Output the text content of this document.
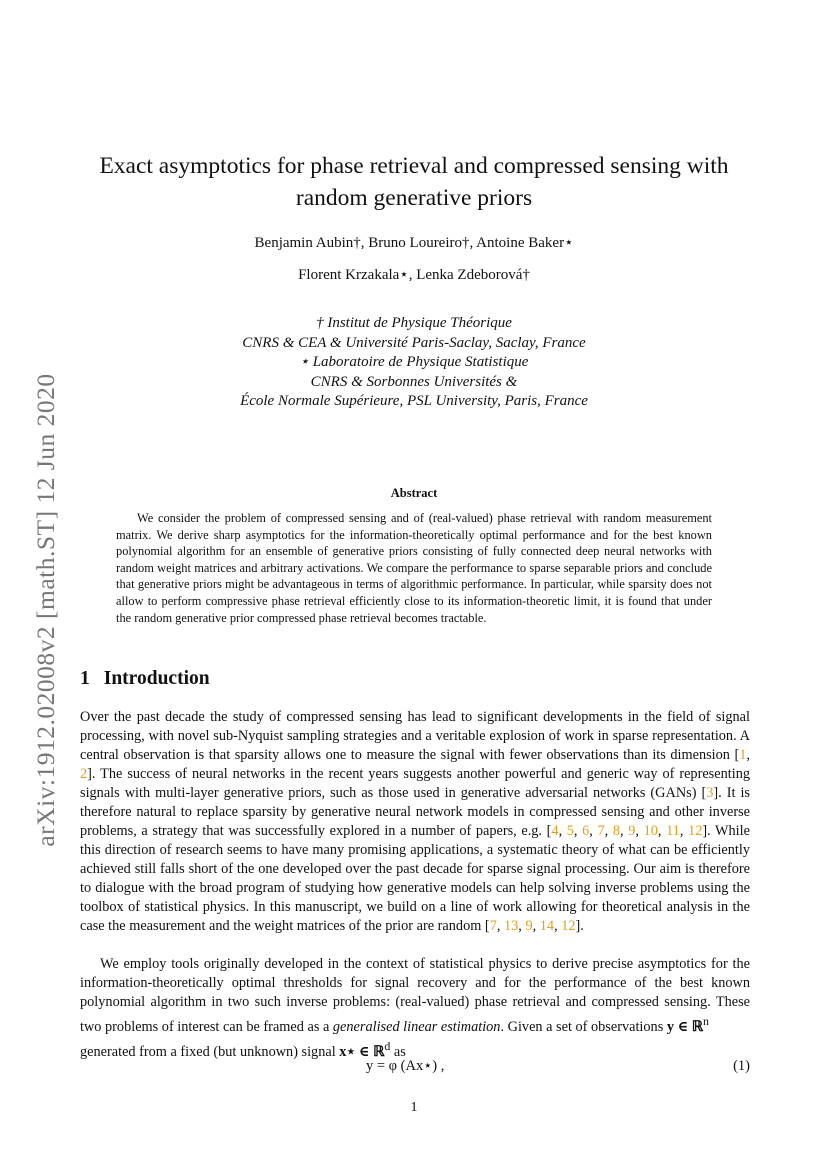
arXiv:1912.02008v2 [math.ST] 12 Jun 2020
Exact asymptotics for phase retrieval and compressed sensing with
random generative priors
Benjamin Aubin†, Bruno Loureiro†, Antoine Baker⋆
Florent Krzakala⋆, Lenka Zdeborová†
† Institut de Physique Théorique
CNRS & CEA & Université Paris-Saclay, Saclay, France
⋆ Laboratoire de Physique Statistique
CNRS & Sorbonnes Universités &
École Normale Supérieure, PSL University, Paris, France
Abstract

We consider the problem of compressed sensing and of (real-valued) phase retrieval with random measurement matrix. We derive sharp asymptotics for the information-theoretically optimal performance and for the best known polynomial algorithm for an ensemble of generative priors consisting of fully connected deep neural networks with random weight matrices and arbitrary activations. We compare the performance to sparse separable priors and conclude that generative priors might be advantageous in terms of algorithmic performance. In particular, while sparsity does not allow to perform compressive phase retrieval efficiently close to its information-theoretic limit, it is found that under the random generative prior compressed phase retrieval becomes tractable.

1 Introduction

Over the past decade the study of compressed sensing has lead to significant developments in the field of signal processing, with novel sub-Nyquist sampling strategies and a veritable explosion of work in sparse representation. A central observation is that sparsity allows one to measure the signal with fewer observations than its dimension [1, 2]. The success of neural networks in the recent years suggests another powerful and generic way of representing signals with multi-layer generative priors, such as those used in generative adversarial networks (GANs) [3]. It is therefore natural to replace sparsity by generative neural network models in compressed sensing and other inverse problems, a strategy that was successfully explored in a number of papers, e.g. [4, 5, 6, 7, 8, 9, 10, 11, 12]. While this direction of research seems to have many promising applications, a systematic theory of what can be efficiently achieved still falls short of the one developed over the past decade for sparse signal processing. Our aim is therefore to dialogue with the broad program of studying how generative models can help solving inverse problems using the toolbox of statistical physics. In this manuscript, we build on a line of work allowing for theoretical analysis in the case the measurement and the weight matrices of the prior are random [7, 13, 9, 14, 12].

We employ tools originally developed in the context of statistical physics to derive precise asymptotics for the information-theoretically optimal thresholds for signal recovery and for the performance of the best known polynomial algorithm in two such inverse problems: (real-valued) phase retrieval and compressed sensing. These two problems of interest can be framed as a generalised linear estimation. Given a set of observations y ∈ ℝ$^n$
generated from a fixed (but unknown) signal x⋆ ∈ ℝ$^d$ as

y = φ (Ax⋆) ,	(1)
1
